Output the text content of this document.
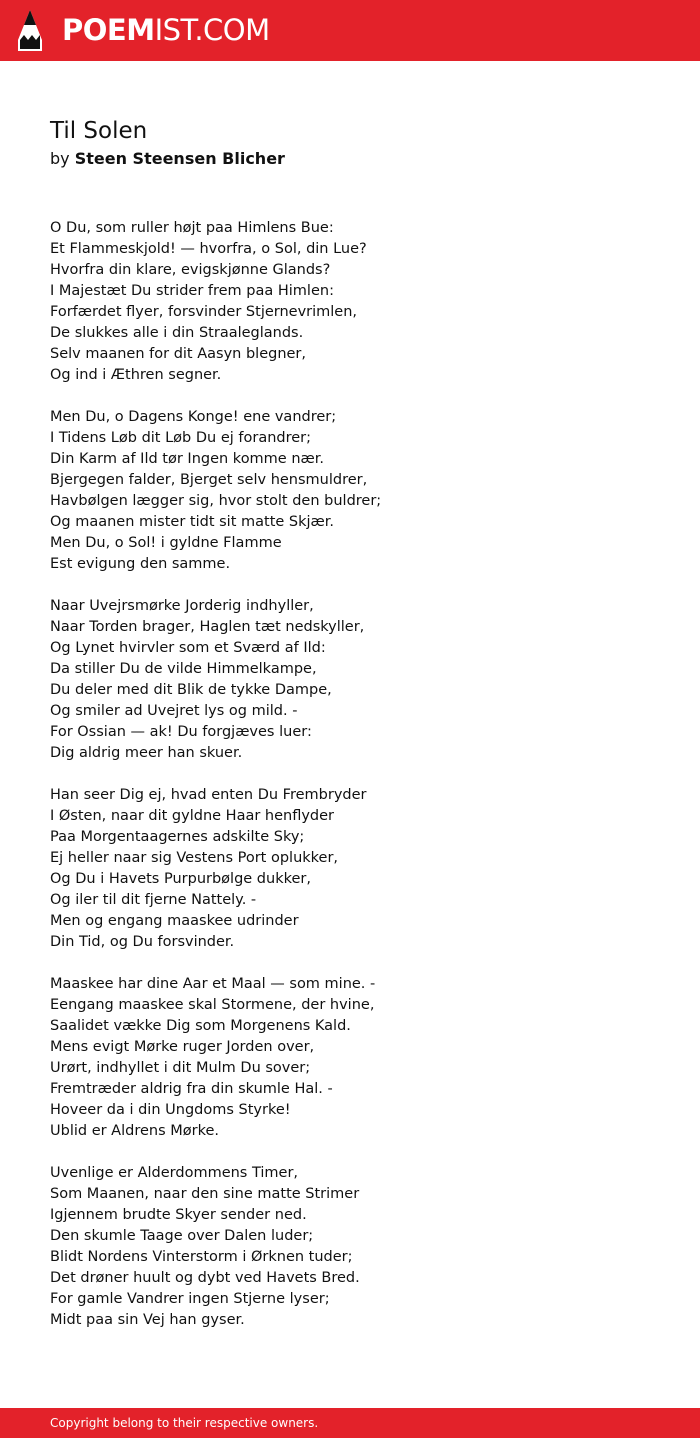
POEMIST.COM
Til Solen
by Steen Steensen Blicher
O Du, som ruller højt paa Himlens Bue:
Et Flammeskjold! — hvorfra, o Sol, din Lue?
Hvorfra din klare, evigskjønne Glands?
I Majestæt Du strider frem paa Himlen:
Forfærdet flyer, forsvinder Stjernevrimlen,
De slukkes alle i din Straaleglands.
Selv maanen for dit Aasyn blegner,
Og ind i Æthren segner.
Men Du, o Dagens Konge! ene vandrer;
I Tidens Løb dit Løb Du ej forandrer;
Din Karm af Ild tør Ingen komme nær.
Bjergegen falder, Bjerget selv hensmuldrer,
Havbølgen lægger sig, hvor stolt den buldrer;
Og maanen mister tidt sit matte Skjær.
Men Du, o Sol! i gyldne Flamme
Est evigung den samme.
Naar Uvejrsmørke Jorderig indhyller,
Naar Torden brager, Haglen tæt nedskyller,
Og Lynet hvirvler som et Sværd af Ild:
Da stiller Du de vilde Himmelkampe,
Du deler med dit Blik de tykke Dampe,
Og smiler ad Uvejret lys og mild. -
For Ossian — ak! Du forgjæves luer:
Dig aldrig meer han skuer.
Han seer Dig ej, hvad enten Du Frembryder
I Østen, naar dit gyldne Haar henflyder
Paa Morgentaagernes adskilte Sky;
Ej heller naar sig Vestens Port oplukker,
Og Du i Havets Purpurbølge dukker,
Og iler til dit fjerne Nattely. -
Men og engang maaskee udrinder
Din Tid, og Du forsvinder.
Maaskee har dine Aar et Maal — som mine. -
Eengang maaskee skal Stormene, der hvine,
Saalidet vække Dig som Morgenens Kald.
Mens evigt Mørke ruger Jorden over,
Urørt, indhyllet i dit Mulm Du sover;
Fremtræder aldrig fra din skumle Hal. -
Hoveer da i din Ungdoms Styrke!
Ublid er Aldrens Mørke.
Uvenlige er Alderdommens Timer,
Som Maanen, naar den sine matte Strimer
Igjennem brudte Skyer sender ned.
Den skumle Taage over Dalen luder;
Blidt Nordens Vinterstorm i Ørknen tuder;
Det drøner huult og dybt ved Havets Bred.
For gamle Vandrer ingen Stjerne lyser;
Midt paa sin Vej han gyser.
Copyright belong to their respective owners.
